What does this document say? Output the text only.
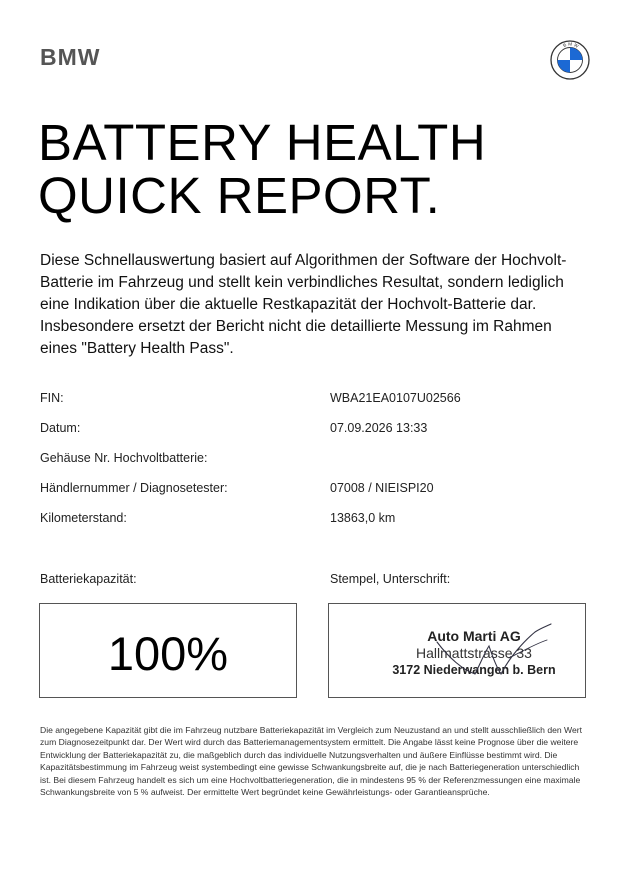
BMW	B M W
BATTERY HEALTH
QUICK REPORT.

Diese Schnellauswertung basiert auf Algorithmen der Software der Hochvolt-Batterie im Fahrzeug und stellt kein verbindliches Resultat, sondern lediglich eine Indikation über die aktuelle Restkapazität der Hochvolt-Batterie dar. Insbesondere ersetzt der Bericht nicht die detaillierte Messung im Rahmen eines "Battery Health Pass".

FIN:	WBA21EA0107U02566
Datum:	07.09.2026 13:33
Gehäuse Nr. Hochvoltbatterie:
Händlernummer / Diagnosetester:	07008 / NIEISPI20
Kilometerstand:	13863,0 km
Batteriekapazität:	Stempel, Unterschrift:
100%	Auto Marti AG
Hallmattstrasse 33
3172 Niederwangen b. Bern

Die angegebene Kapazität gibt die im Fahrzeug nutzbare Batteriekapazität im Vergleich zum Neuzustand an und stellt ausschließlich den Wert zum Diagnosezeitpunkt dar. Der Wert wird durch das Batteriemanagementsystem ermittelt. Die Angabe lässt keine Prognose über die weitere Entwicklung der Batteriekapazität zu, die maßgeblich durch das individuelle Nutzungsverhalten und äußere Einflüsse bestimmt wird. Die Kapazitätsbestimmung im Fahrzeug weist systembedingt eine gewisse Schwankungsbreite auf, die je nach Batteriegeneration unterschiedlich ist. Bei diesem Fahrzeug handelt es sich um eine Hochvoltbatteriegeneration, die in mindestens 95 % der Referenzmessungen eine maximale Schwankungsbreite von 5 % aufweist. Der ermittelte Wert begründet keine Gewährleistungs- oder Garantieansprüche.
